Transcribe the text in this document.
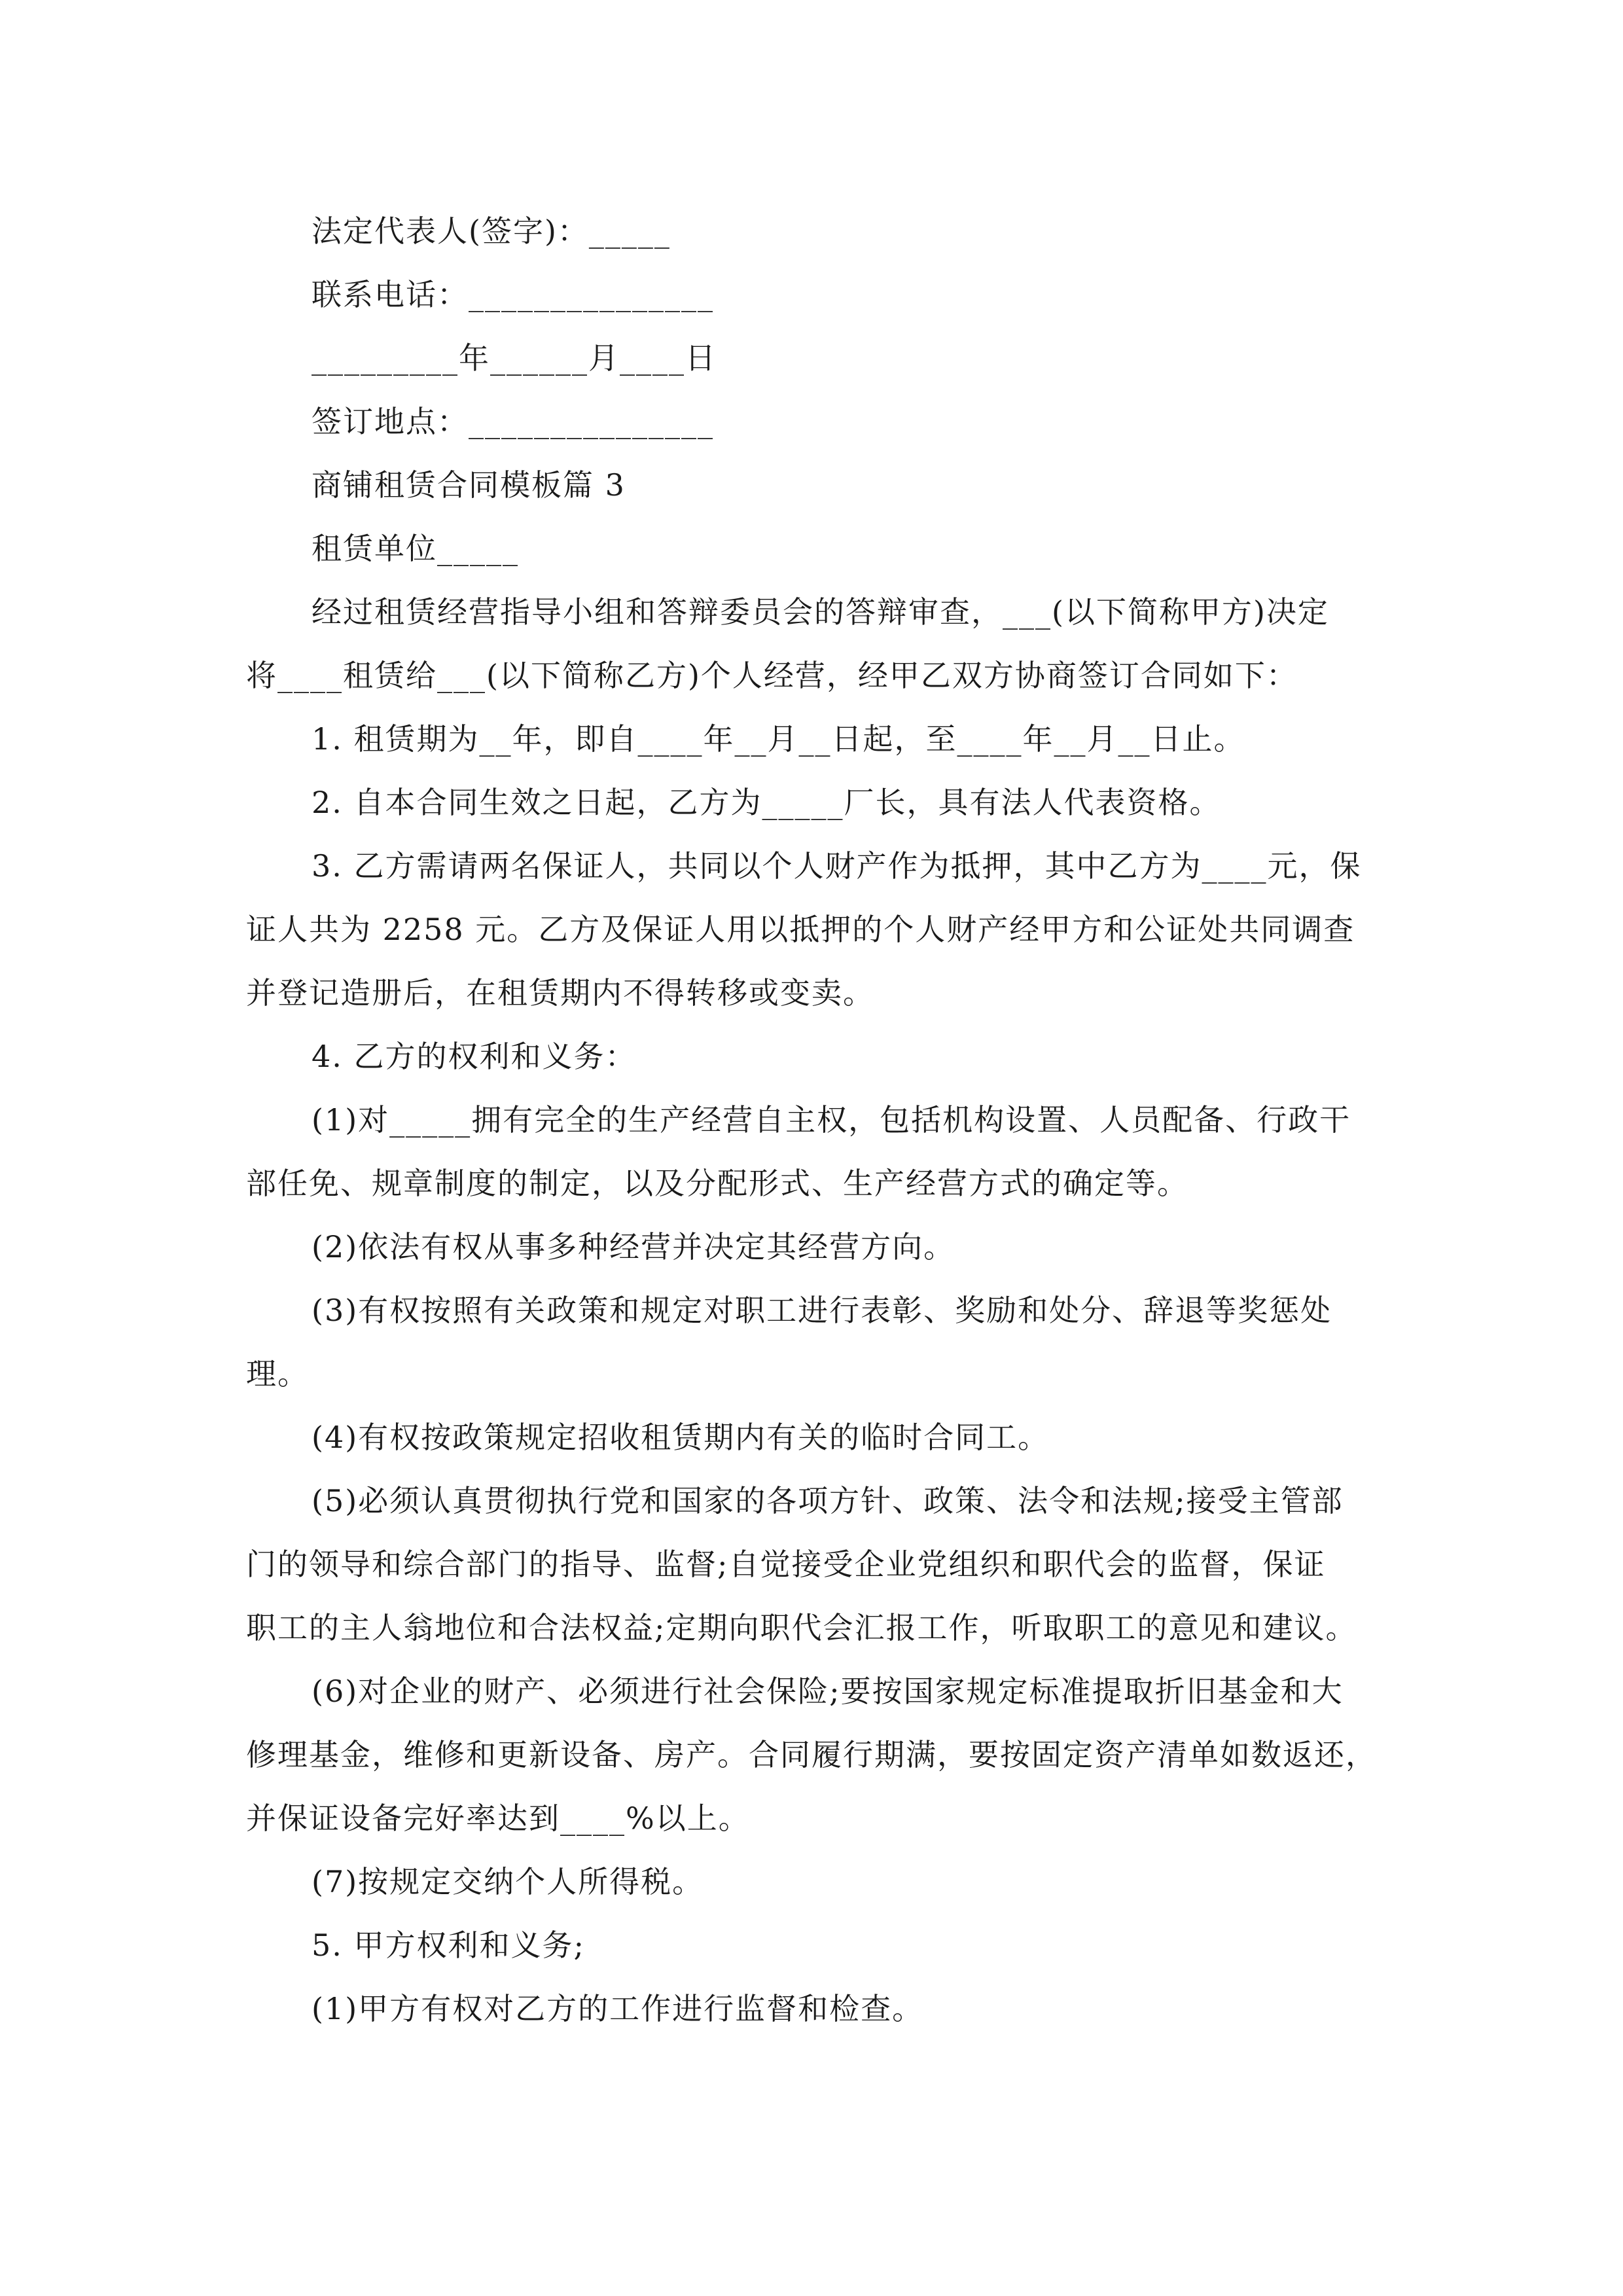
法定代表人(签字)：_____
联系电话：_______________
_________年______月____日
签订地点：_______________
商铺租赁合同模板篇 3
租赁单位_____
经过租赁经营指导小组和答辩委员会的答辩审查，___(以下简称甲方)决定
将____租赁给___(以下简称乙方)个人经营，经甲乙双方协商签订合同如下：
1. 租赁期为__年，即自____年__月__日起，至____年__月__日止。
2. 自本合同生效之日起，乙方为_____厂长，具有法人代表资格。
3. 乙方需请两名保证人，共同以个人财产作为抵押，其中乙方为____元，保
证人共为 2258 元。乙方及保证人用以抵押的个人财产经甲方和公证处共同调查
并登记造册后，在租赁期内不得转移或变卖。
4. 乙方的权利和义务：
(1)对_____拥有完全的生产经营自主权，包括机构设置、人员配备、行政干
部任免、规章制度的制定，以及分配形式、生产经营方式的确定等。
(2)依法有权从事多种经营并决定其经营方向。
(3)有权按照有关政策和规定对职工进行表彰、奖励和处分、辞退等奖惩处
理。
(4)有权按政策规定招收租赁期内有关的临时合同工。
(5)必须认真贯彻执行党和国家的各项方针、政策、法令和法规;接受主管部
门的领导和综合部门的指导、监督;自觉接受企业党组织和职代会的监督，保证
职工的主人翁地位和合法权益;定期向职代会汇报工作，听取职工的意见和建议。
(6)对企业的财产、必须进行社会保险;要按国家规定标准提取折旧基金和大
修理基金，维修和更新设备、房产。合同履行期满，要按固定资产清单如数返还，
并保证设备完好率达到____%以上。
(7)按规定交纳个人所得税。
5. 甲方权利和义务;
(1)甲方有权对乙方的工作进行监督和检查。
